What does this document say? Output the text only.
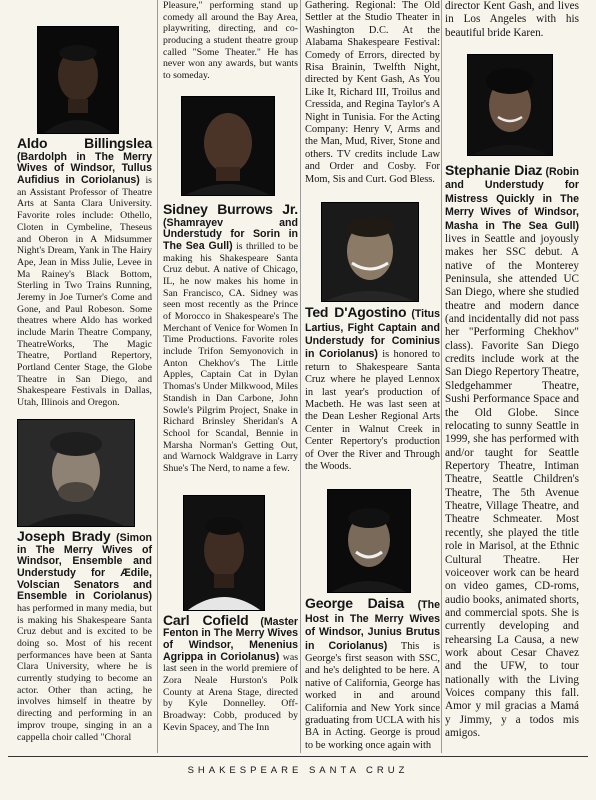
Aldo Billingslea (Bardolph in The Merry Wives of Windsor, Tullus Aufidius in Coriolanus) is an Assistant Professor of Theatre Arts at Santa Clara University. Favorite roles include: Othello, Cloten in Cymbeline, Theseus and Oberon in A Midsummer Night's Dream, Yank in The Hairy Ape, Jean in Miss Julie, Levee in Ma Rainey's Black Bottom, Sterling in Two Trains Running, Jeremy in Joe Turner's Come and Gone, and Paul Robeson. Some theatres where Aldo has worked include Marin Theatre Company, TheatreWorks, The Magic Theatre, Portland Repertory, Portland Center Stage, the Globe Theatre in San Diego, and Shakespeare Festivals in Dallas, Utah, Illinois and Oregon.
Joseph Brady (Simon in The Merry Wives of Windsor, Ensemble and Understudy for Ædile, Volscian Senators and Ensemble in Coriolanus) has performed in many media, but is making his Shakespeare Santa Cruz debut and is excited to be doing so. Most of his recent performances have been at Santa Clara University, where he is currently studying to become an actor. Other than acting, he involves himself in theatre by directing and performing in an improv troupe, singing in an a cappella choir called "Choral

Pleasure," performing stand up comedy all around the Bay Area, playwriting, directing, and co-producing a student theatre group called "Some Theater." He has never won any awards, but wants to someday.

Sidney Burrows Jr. (Shamrayev and Understudy for Sorin in The Sea Gull) is thrilled to be making his Shakespeare Santa Cruz debut. A native of Chicago, IL, he now makes his home in San Francisco, CA. Sidney was seen most recently as the Prince of Morocco in Shakespeare's The Merchant of Venice for Women In Time Productions. Favorite roles include Trifon Semyonovich in Anton Chekhov's The Little Apples, Captain Cat in Dylan Thomas's Under Milkwood, Miles Standish in Dan Carbone, John Sowle's Pilgrim Project, Snake in Richard Brinsley Sheridan's A School for Scandal, Bennie in Marsha Norman's Getting Out, and Warnock Waldgrave in Larry Shue's The Nerd, to name a few.
Carl Cofield (Master Fenton in The Merry Wives of Windsor, Menenius Agrippa in Coriolanus) was last seen in the world premiere of Zora Neale Hurston's Polk County at Arena Stage, directed by Kyle Donnelley. Off-Broadway: Cobb, produced by Kevin Spacey, and The Inn

Gathering. Regional: The Old Settler at the Studio Theater in Washington D.C. At the Alabama Shakespeare Festival: Comedy of Errors, directed by Risa Brainin, Twelfth Night, directed by Kent Gash, As You Like It, Richard III, Troilus and Cressida, and Regina Taylor's A Night in Tunisia. For the Acting Company: Henry V, Arms and the Man, Mud, River, Stone and others. TV credits include Law and Order and Cosby. For Mom, Sis and Curt. God Bless.

Ted D'Agostino (Titus Lartius, Fight Captain and Understudy for Cominius in Coriolanus) is honored to return to Shakespeare Santa Cruz where he played Lennox in last year's production of Macbeth. He was last seen at the Dean Lesher Regional Arts Center in Walnut Creek in Center Repertory's production of Over the River and Through the Woods.
George Daisa (The Host in The Merry Wives of Windsor, Junius Brutus in Coriolanus) This is George's first season with SSC, and he's delighted to be here. A native of California, George has worked in and around California and New York since graduating from UCLA with his BA in Acting. George is proud to be working once again with

director Kent Gash, and lives in Los Angeles with his beautiful bride Karen.

Stephanie Diaz (Robin and Understudy for Mistress Quickly in The Merry Wives of Windsor, Masha in The Sea Gull) lives in Seattle and joyously makes her SSC debut. A native of the Monterey Peninsula, she attended UC San Diego, where she studied theatre and modern dance (and incidentally did not pass her "Performing Chekhov" class). Favorite San Diego credits include work at the San Diego Repertory Theatre, Sledgehammer Theatre, Sushi Performance Space and the Old Globe. Since relocating to sunny Seattle in 1999, she has performed with and/or taught for Seattle Repertory Theatre, Intiman Theatre, Seattle Children's Theatre, The 5th Avenue Theatre, Village Theatre, and Theatre Schmeater. Most recently, she played the title role in Marisol, at the Ethnic Cultural Theatre. Her voiceover work can be heard on video games, CD-roms, audio books, animated shorts, and commercial spots. She is currently developing and rehearsing La Causa, a new work about Cesar Chavez and the UFW, to tour nationally with the Living Voices company this fall. Amor y mil gracias a Mamá y Jimmy, y a todos mis amigos.
SHAKESPEARE SANTA CRUZ
